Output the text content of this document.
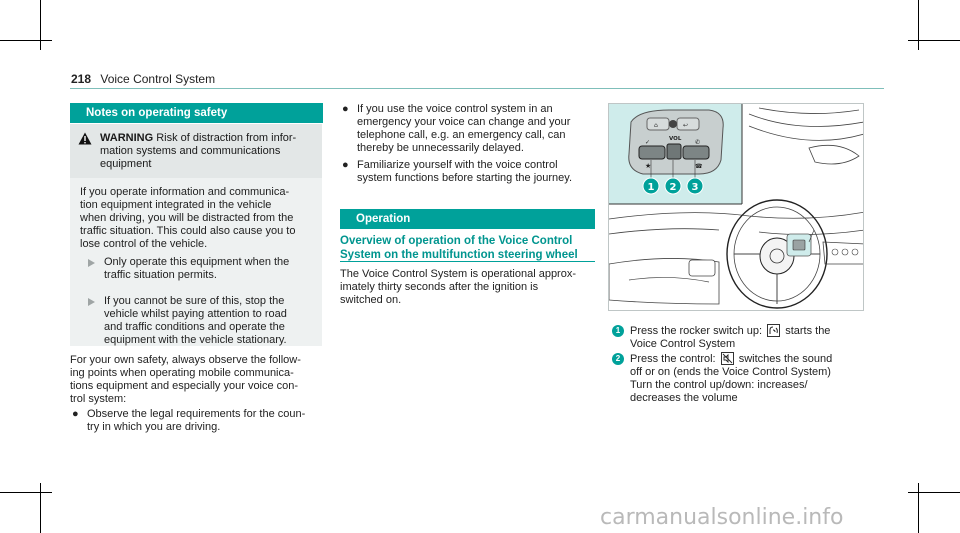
218 Voice Control System
Notes on operating safety
WARNING Risk of distraction from infor-
mation systems and communications
equipment
If you operate information and communica-
tion equipment integrated in the vehicle
when driving, you will be distracted from the
traffic situation. This could also cause you to
lose control of the vehicle.
Only operate this equipment when the
traffic situation permits.
If you cannot be sure of this, stop the
vehicle whilst paying attention to road
and traffic conditions and operate the
equipment with the vehicle stationary.
For your own safety, always observe the follow-
ing points when operating mobile communica-
tions equipment and especially your voice con-
trol system:
● Observe the legal requirements for the coun-
try in which you are driving.
● If you use the voice control system in an
emergency your voice can change and your
telephone call, e.g. an emergency call, can
thereby be unnecessarily delayed.
● Familiarize yourself with the voice control
system functions before starting the journey.
Operation
Overview of operation of the Voice Control
System on the multifunction steering wheel
The Voice Control System is operational approx-
imately thirty seconds after the ignition is
switched on.
⌂	↩
VOL
✓	✆
★	☎
1 2 3
1 Press the rocker switch up: starts the
Voice Control System
2 Press the control: switches the sound
off or on (ends the Voice Control System)
Turn the control up/down: increases/
decreases the volume
carmanualsonline.info
